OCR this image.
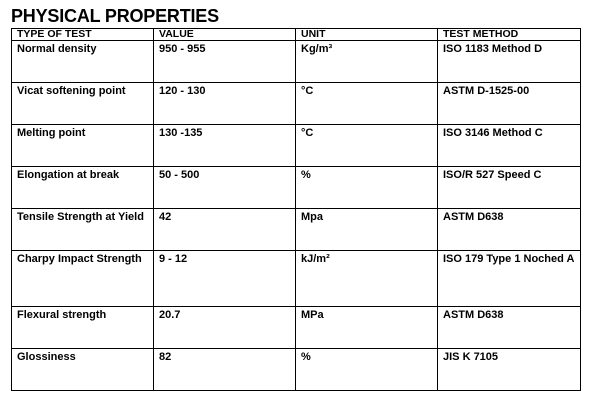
PHYSICAL PROPERTIES
TYPE OF TEST	VALUE	UNIT	TEST METHOD
Normal density	950 - 955	Kg/m³	ISO 1183 Method D
Vicat softening point	120 - 130	°C	ASTM D-1525-00
Melting point	130 -135	°C	ISO 3146 Method C
Elongation at break	50 - 500	%	ISO/R 527 Speed C
Tensile Strength at Yield	42	Mpa	ASTM D638
Charpy Impact Strength	9 - 12	kJ/m²	ISO 179 Type 1 Noched A
Flexural strength	20.7	MPa	ASTM D638
Glossiness	82	%	JIS K 7105
